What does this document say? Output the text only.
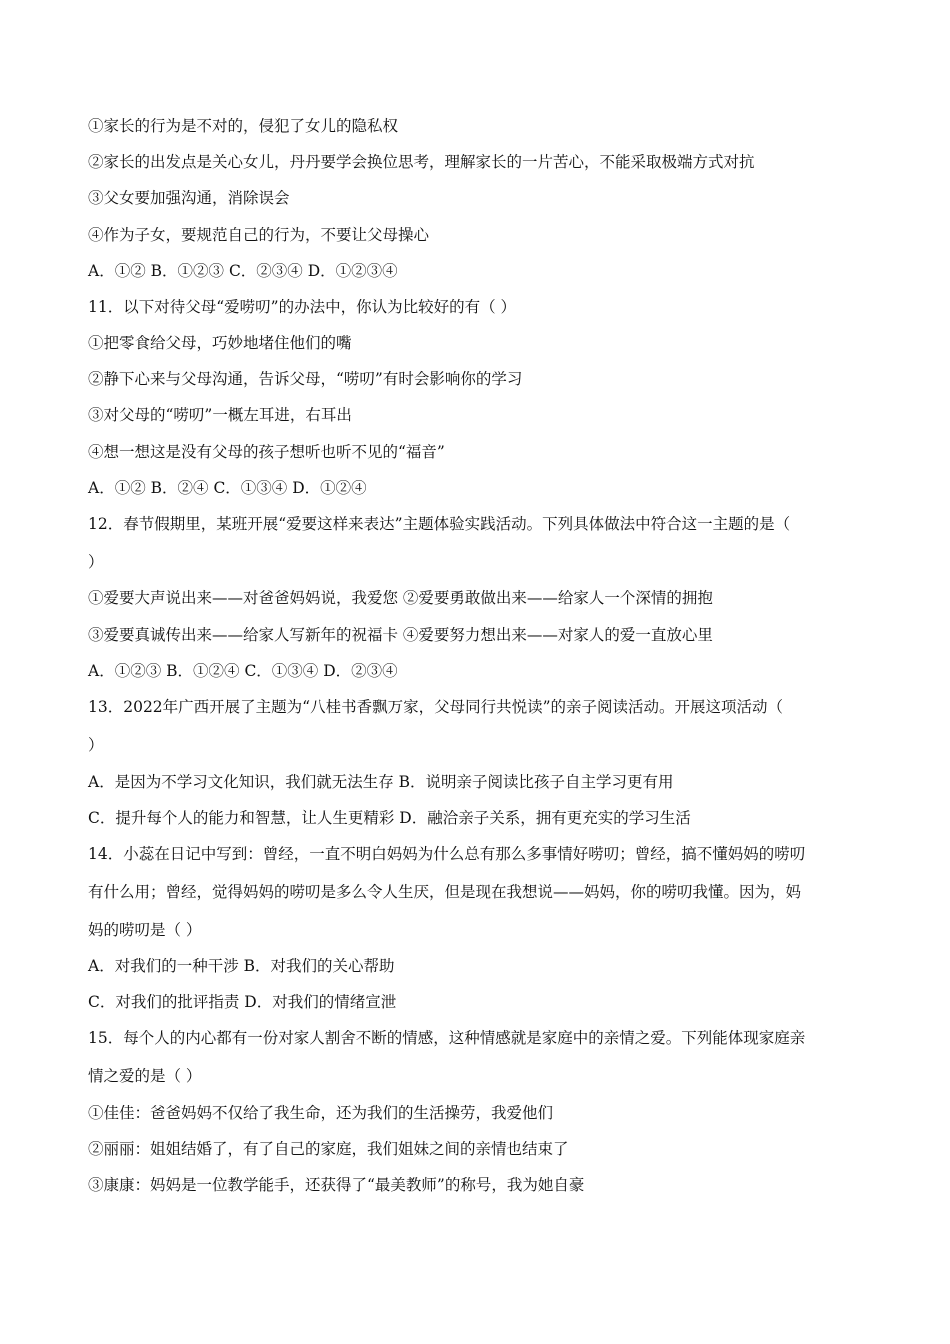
①家长的行为是不对的，侵犯了女儿的隐私权
②家长的出发点是关心女儿，丹丹要学会换位思考，理解家长的一片苦心，不能采取极端方式对抗
③父女要加强沟通，消除误会
④作为子女，要规范自己的行为，不要让父母操心
A．①② B．①②③ C．②③④ D．①②③④
11．以下对待父母“爱唠叨”的办法中，你认为比较好的有（ ）
①把零食给父母，巧妙地堵住他们的嘴
②静下心来与父母沟通，告诉父母，“唠叨”有时会影响你的学习
③对父母的“唠叨”一概左耳进，右耳出
④想一想这是没有父母的孩子想听也听不见的“福音”
A．①② B．②④ C．①③④ D．①②④
12．春节假期里，某班开展“爱要这样来表达”主题体验实践活动。下列具体做法中符合这一主题的是（
）
①爱要大声说出来——对爸爸妈妈说，我爱您 ②爱要勇敢做出来——给家人一个深情的拥抱
③爱要真诚传出来——给家人写新年的祝福卡 ④爱要努力想出来——对家人的爱一直放心里
A．①②③ B．①②④ C．①③④ D．②③④
13．2022年广西开展了主题为“八桂书香飘万家，父母同行共悦读”的亲子阅读活动。开展这项活动（
）
A．是因为不学习文化知识，我们就无法生存 B．说明亲子阅读比孩子自主学习更有用
C．提升每个人的能力和智慧，让人生更精彩 D．融洽亲子关系，拥有更充实的学习生活
14．小蕊在日记中写到：曾经，一直不明白妈妈为什么总有那么多事情好唠叨；曾经，搞不懂妈妈的唠叨
有什么用；曾经，觉得妈妈的唠叨是多么令人生厌，但是现在我想说——妈妈，你的唠叨我懂。因为，妈
妈的唠叨是（ ）
A．对我们的一种干涉 B．对我们的关心帮助
C．对我们的批评指责 D．对我们的情绪宣泄
15．每个人的内心都有一份对家人割舍不断的情感，这种情感就是家庭中的亲情之爱。下列能体现家庭亲
情之爱的是（ ）
①佳佳：爸爸妈妈不仅给了我生命，还为我们的生活操劳，我爱他们
②丽丽：姐姐结婚了，有了自己的家庭，我们姐妹之间的亲情也结束了
③康康：妈妈是一位教学能手，还获得了“最美教师”的称号，我为她自豪
